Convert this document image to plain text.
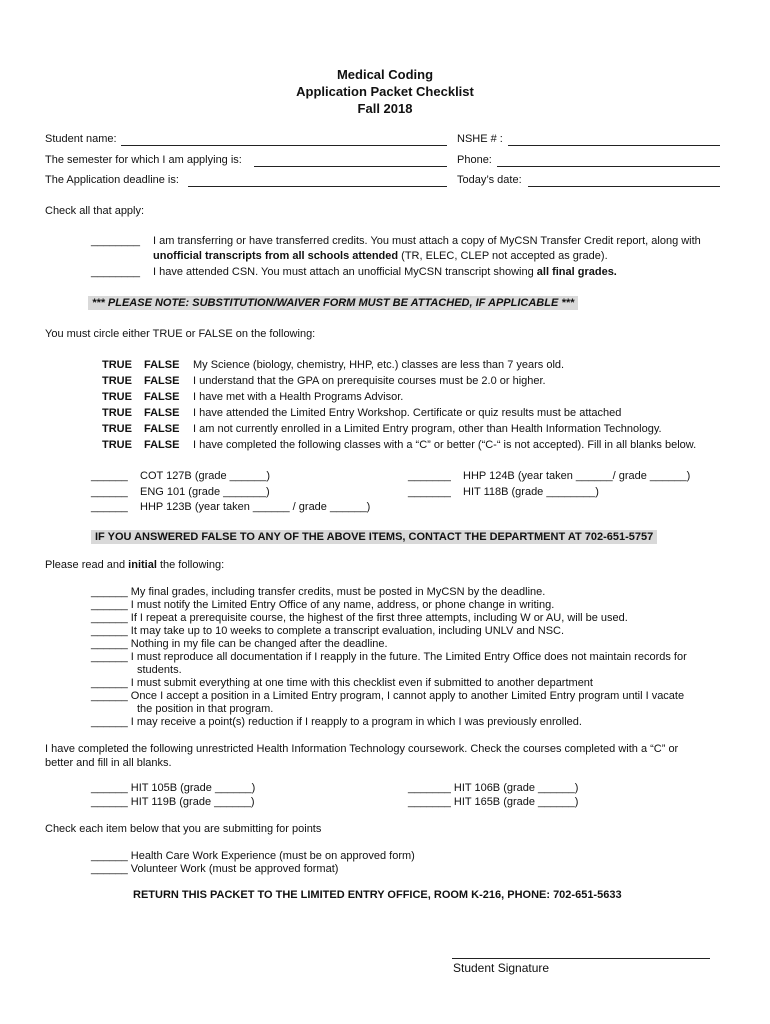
Medical Coding
Application Packet Checklist
Fall 2018
Student name:	NSHE # :
The semester for which I am applying is:	Phone:
The Application deadline is:	Today’s date:
Check all that apply:
________ I am transferring or have transferred credits. You must attach a copy of MyCSN Transfer Credit report, along with
unofficial transcripts from all schools attended (TR, ELEC, CLEP not accepted as grade).
________ I have attended CSN. You must attach an unofficial MyCSN transcript showing all final grades.
*** PLEASE NOTE: SUBSTITUTION/WAIVER FORM MUST BE ATTACHED, IF APPLICABLE ***
You must circle either TRUE or FALSE on the following:
TRUE FALSE My Science (biology, chemistry, HHP, etc.) classes are less than 7 years old.
TRUE FALSE I understand that the GPA on prerequisite courses must be 2.0 or higher.
TRUE FALSE I have met with a Health Programs Advisor.
TRUE FALSE I have attended the Limited Entry Workshop. Certificate or quiz results must be attached
TRUE FALSE I am not currently enrolled in a Limited Entry program, other than Health Information Technology.
TRUE FALSE I have completed the following classes with a “C” or better (“C-“ is not accepted). Fill in all blanks below.
______ COT 127B (grade ______)
______ ENG 101 (grade _______)
______ HHP 123B (year taken ______ / grade ______)
_______ HHP 124B (year taken ______/ grade ______)
_______ HIT 118B (grade ________)
IF YOU ANSWERED FALSE TO ANY OF THE ABOVE ITEMS, CONTACT THE DEPARTMENT AT 702-651-5757
Please read and initial the following:
______ My final grades, including transfer credits, must be posted in MyCSN by the deadline.
______ I must notify the Limited Entry Office of any name, address, or phone change in writing.
______ If I repeat a prerequisite course, the highest of the first three attempts, including W or AU, will be used.
______ It may take up to 10 weeks to complete a transcript evaluation, including UNLV and NSC.
______ Nothing in my file can be changed after the deadline.
______ I must reproduce all documentation if I reapply in the future. The Limited Entry Office does not maintain records for
students.
______ I must submit everything at one time with this checklist even if submitted to another department
______ Once I accept a position in a Limited Entry program, I cannot apply to another Limited Entry program until I vacate
the position in that program.
______ I may receive a point(s) reduction if I reapply to a program in which I was previously enrolled.
I have completed the following unrestricted Health Information Technology coursework. Check the courses completed with a “C” or
better and fill in all blanks.
______ HIT 105B (grade ______)
______ HIT 119B (grade ______)
_______ HIT 106B (grade ______)
_______ HIT 165B (grade ______)
Check each item below that you are submitting for points
______ Health Care Work Experience (must be on approved form)
______ Volunteer Work (must be approved format)
RETURN THIS PACKET TO THE LIMITED ENTRY OFFICE, ROOM K-216, PHONE: 702-651-5633
Student Signature
